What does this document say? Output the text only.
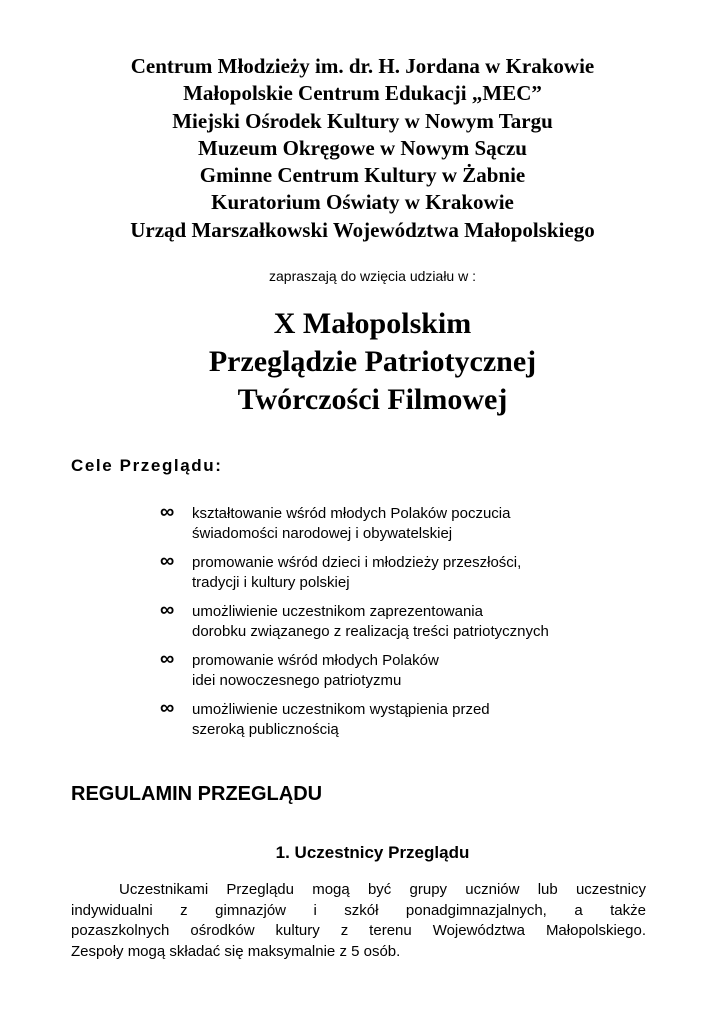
Centrum Młodzieży im. dr. H. Jordana w Krakowie
Małopolskie Centrum Edukacji „MEC”
Miejski Ośrodek Kultury w Nowym Targu
Muzeum Okręgowe w Nowym Sączu
Gminne Centrum Kultury w Żabnie
Kuratorium Oświaty w Krakowie
Urząd Marszałkowski Województwa Małopolskiego
zapraszają do wzięcia udziału w :
X Małopolskim
Przeglądzie Patriotycznej
Twórczości Filmowej
Cele Przeglądu:
∞ kształtowanie wśród młodych Polaków poczucia
świadomości narodowej i obywatelskiej
∞ promowanie wśród dzieci i młodzieży przeszłości,
tradycji i kultury polskiej
∞ umożliwienie uczestnikom zaprezentowania
dorobku związanego z realizacją treści patriotycznych
∞ promowanie wśród młodych Polaków
idei nowoczesnego patriotyzmu
∞ umożliwienie uczestnikom wystąpienia przed
szeroką publicznością
REGULAMIN PRZEGLĄDU
1. Uczestnicy Przeglądu
Uczestnikami Przeglądu mogą być grupy uczniów lub uczestnicy
indywidualni z gimnazjów i szkół ponadgimnazjalnych, a także
pozaszkolnych ośrodków kultury z terenu Województwa Małopolskiego.
Zespoły mogą składać się maksymalnie z 5 osób.
